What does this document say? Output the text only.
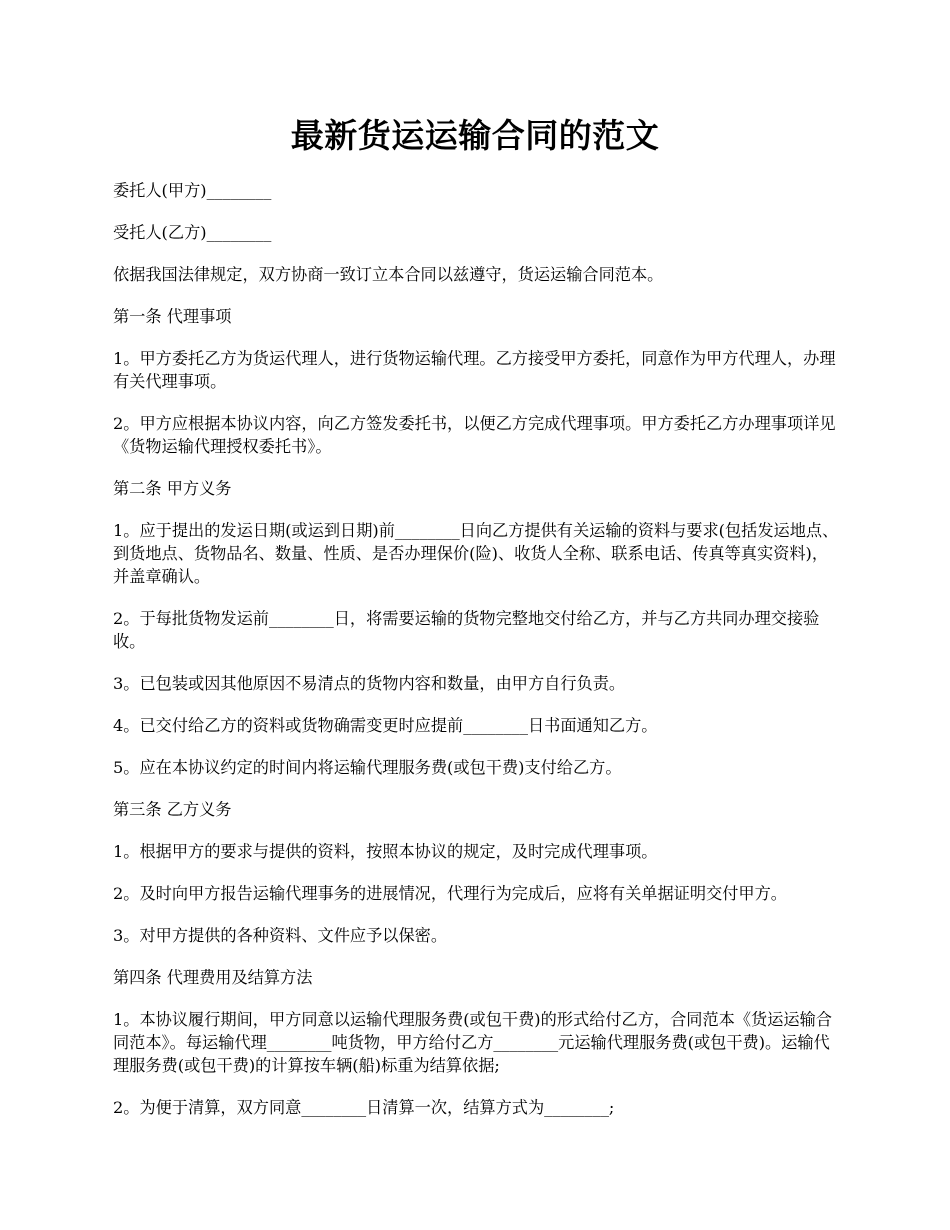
最新货运运输合同的范文

委托人(甲方)________

受托人(乙方)________

依据我国法律规定，双方协商一致订立本合同以兹遵守，货运运输合同范本。

第一条 代理事项

1。甲方委托乙方为货运代理人，进行货物运输代理。乙方接受甲方委托，同意作为甲方代理人，办理有关代理事项。

2。甲方应根据本协议内容，向乙方签发委托书，以便乙方完成代理事项。甲方委托乙方办理事项详见《货物运输代理授权委托书》。

第二条 甲方义务

1。应于提出的发运日期(或运到日期)前________日向乙方提供有关运输的资料与要求(包括发运地点、到货地点、货物品名、数量、性质、是否办理保价(险)、收货人全称、联系电话、传真等真实资料)，并盖章确认。

2。于每批货物发运前________日，将需要运输的货物完整地交付给乙方，并与乙方共同办理交接验收。

3。已包装或因其他原因不易清点的货物内容和数量，由甲方自行负责。

4。已交付给乙方的资料或货物确需变更时应提前________日书面通知乙方。

5。应在本协议约定的时间内将运输代理服务费(或包干费)支付给乙方。

第三条 乙方义务

1。根据甲方的要求与提供的资料，按照本协议的规定，及时完成代理事项。

2。及时向甲方报告运输代理事务的进展情况，代理行为完成后，应将有关单据证明交付甲方。

3。对甲方提供的各种资料、文件应予以保密。

第四条 代理费用及结算方法

1。本协议履行期间，甲方同意以运输代理服务费(或包干费)的形式给付乙方，合同范本《货运运输合同范本》。每运输代理________吨货物，甲方给付乙方________元运输代理服务费(或包干费)。运输代理服务费(或包干费)的计算按车辆(船)标重为结算依据;

2。为便于清算，双方同意________日清算一次，结算方式为________;
